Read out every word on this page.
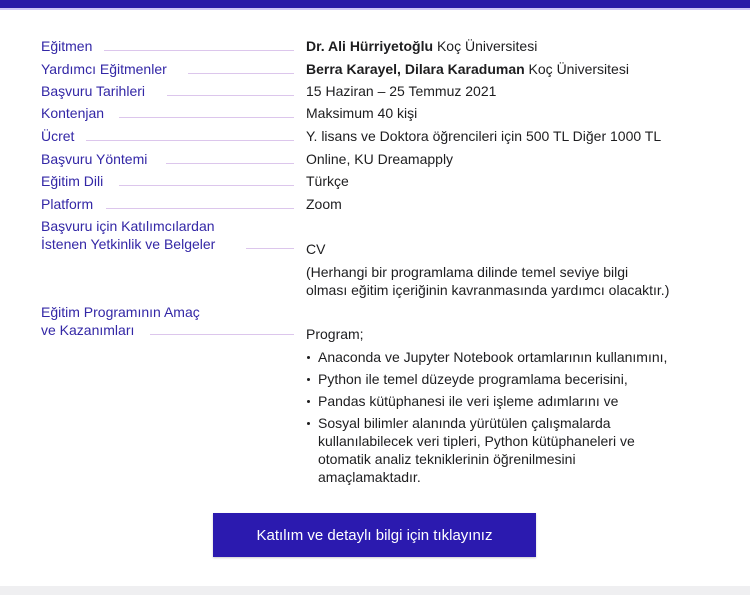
Eğitmen	Dr. Ali Hürriyetoğlu Koç Üniversitesi
Yardımcı Eğitmenler	Berra Karayel, Dilara Karaduman Koç Üniversitesi
Başvuru Tarihleri	15 Haziran – 25 Temmuz 2021
Kontenjan	Maksimum 40 kişi
Ücret	Y. lisans ve Doktora öğrencileri için 500 TL Diğer 1000 TL
Başvuru Yöntemi	Online, KU Dreamapply
Eğitim Dili	Türkçe
Platform	Zoom
Başvuru için Katılımcılardan
İstenen Yetkinlik ve Belgeler	CV
(Herhangi bir programlama dilinde temel seviye bilgi
olması eğitim içeriğinin kavranmasında yardımcı olacaktır.)
Eğitim Programının Amaç
ve Kazanımları	Program;
Anaconda ve Jupyter Notebook ortamlarının kullanımını,
Python ile temel düzeyde programlama becerisini,
Pandas kütüphanesi ile veri işleme adımlarını ve
Sosyal bilimler alanında yürütülen çalışmalarda
kullanılabilecek veri tipleri, Python kütüphaneleri ve
otomatik analiz tekniklerinin öğrenilmesini
amaçlamaktadır.
Katılım ve detaylı bilgi için tıklayınız
